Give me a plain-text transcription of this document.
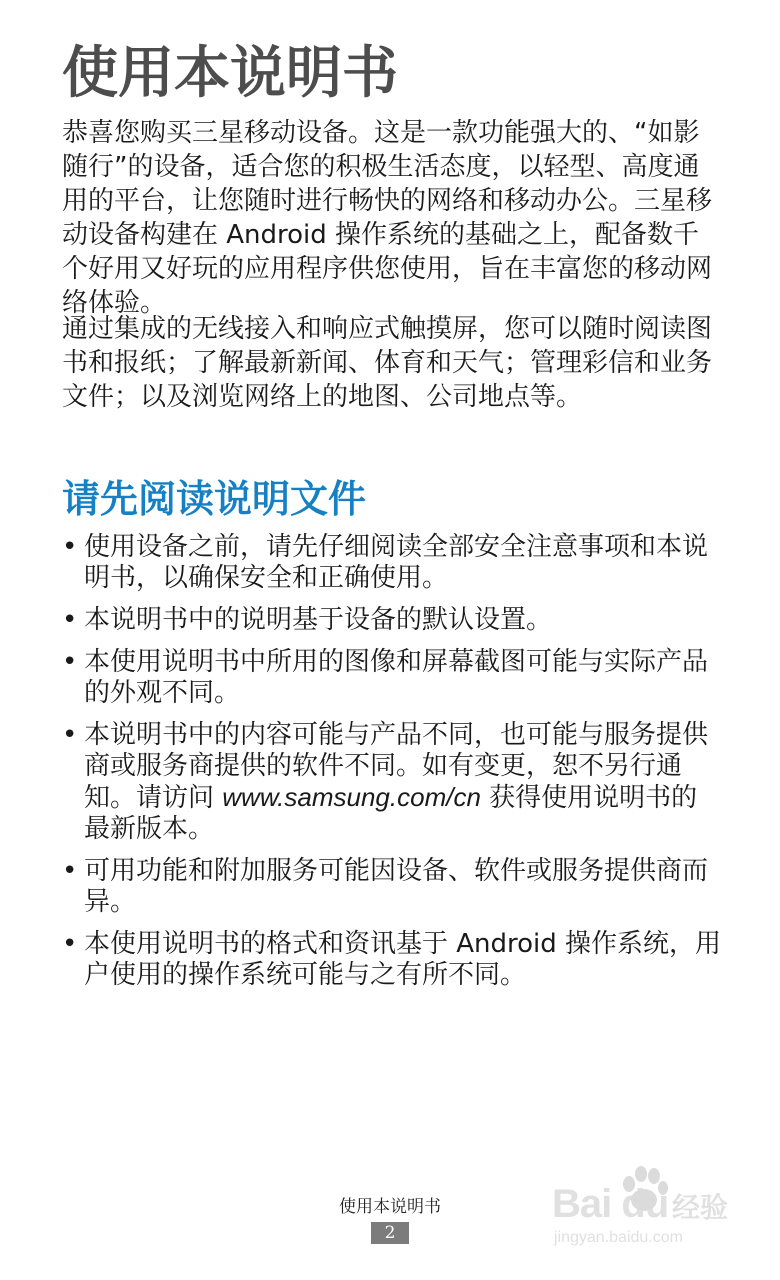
使用本说明书

恭喜您购买三星移动设备。这是一款功能强大的、“如影随行”的设备，适合您的积极生活态度，以轻型、高度通用的平台，让您随时进行畅快的网络和移动办公。三星移动设备构建在 Android 操作系统的基础之上，配备数千个好用又好玩的应用程序供您使用，旨在丰富您的移动网络体验。

通过集成的无线接入和响应式触摸屏，您可以随时阅读图书和报纸；了解最新新闻、体育和天气；管理彩信和业务文件；以及浏览网络上的地图、公司地点等。

请先阅读说明文件
• 使用设备之前，请先仔细阅读全部安全注意事项和本说明书，以确保安全和正确使用。
• 本说明书中的说明基于设备的默认设置。
• 本使用说明书中所用的图像和屏幕截图可能与实际产品的外观不同。
• 本说明书中的内容可能与产品不同，也可能与服务提供商或服务商提供的软件不同。如有变更，恕不另行通知。请访问 www.samsung.com/cn 获得使用说明书的最新版本。
• 可用功能和附加服务可能因设备、软件或服务提供商而异。
• 本使用说明书的格式和资讯基于 Android 操作系统，用户使用的操作系统可能与之有所不同。
使用本说明书
2
Bai du 经验
jingyan.baidu.com
